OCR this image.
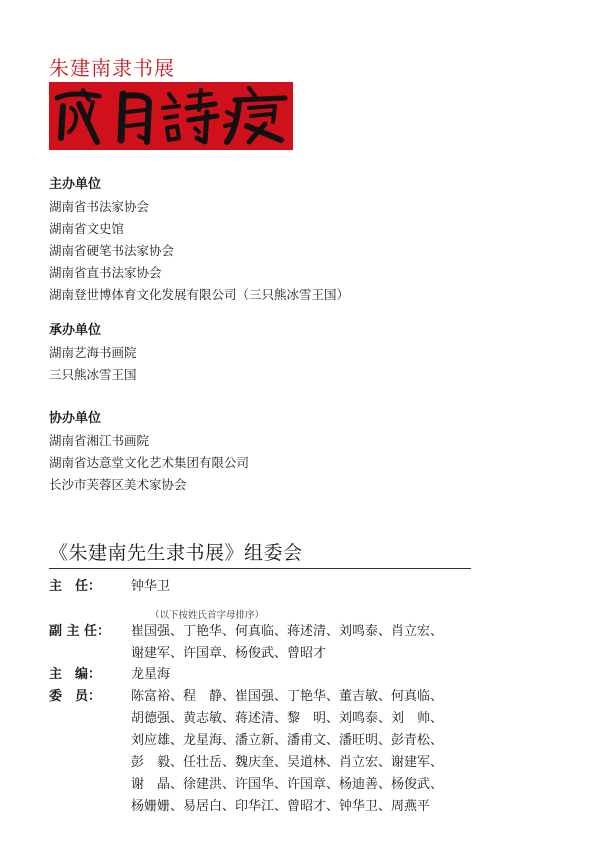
朱建南隶书展
主办单位
湖南省书法家协会
湖南省文史馆
湖南省硬笔书法家协会
湖南省直书法家协会
湖南登世博体育文化发展有限公司（三只熊冰雪王国）
承办单位
湖南艺海书画院
三只熊冰雪王国
协办单位
湖南省湘江书画院
湖南省达意堂文化艺术集团有限公司
长沙市芙蓉区美术家协会
《朱建南先生隶书展》组委会
主　任： 钟华卫
（以下按姓氏首字母排序）
副 主 任： 崔国强、丁艳华、何真临、蒋述清、刘鸣泰、肖立宏、
谢建军、许国章、杨俊武、曾昭才
主　编： 龙星海
委　员： 陈富裕、程　静、崔国强、丁艳华、董吉敏、何真临、
胡德强、黄志敏、蒋述清、黎　明、刘鸣泰、刘　帅、
刘应雄、龙星海、潘立新、潘甫文、潘旺明、彭青松、
彭　毅、任壮岳、魏庆奎、吴道林、肖立宏、谢建军、
谢　晶、徐建洪、许国华、许国章、杨迪善、杨俊武、
杨姗姗、易居白、印华江、曾昭才、钟华卫、周燕平
